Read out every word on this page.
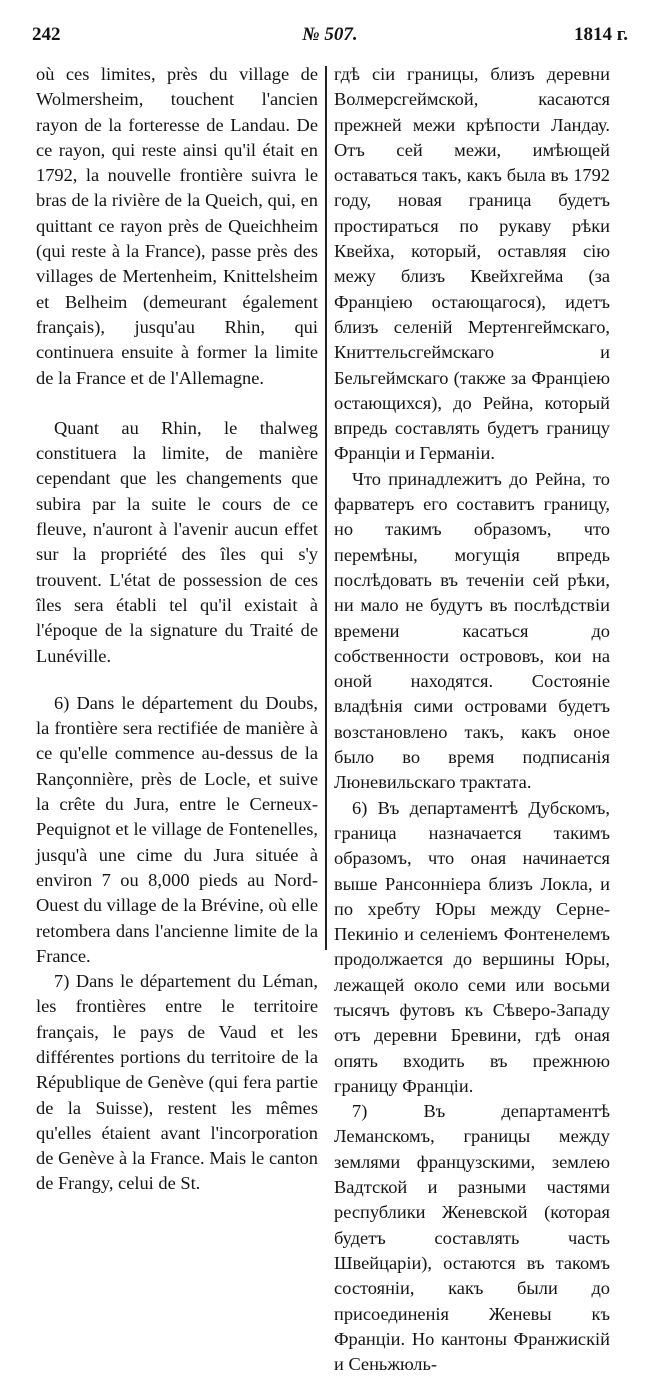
242	№ 507.	1814 г.

où ces limites, près du village de Wolmersheim, touchent l'ancien rayon de la forteresse de Landau. De ce rayon, qui reste ainsi qu'il était en 1792, la nouvelle frontière suivra le bras de la rivière de la Queich, qui, en quittant ce rayon près de Queichheim (qui reste à la France), passe près des villages de Mertenheim, Knittelsheim et Belheim (demeurant également français), jusqu'au Rhin, qui continuera ensuite à former la limite de la France et de l'Allemagne.

Quant au Rhin, le thalweg constituera la limite, de manière cependant que les changements que subira par la suite le cours de ce fleuve, n'auront à l'avenir aucun effet sur la propriété des îles qui s'y trouvent. L'état de possession de ces îles sera établi tel qu'il existait à l'époque de la signature du Traité de Lunéville.

6) Dans le département du Doubs, la frontière sera rectifiée de manière à ce qu'elle commence au-dessus de la Rançonnière, près de Locle, et suive la crête du Jura, entre le Cerneux-Pequignot et le village de Fontenelles, jusqu'à une cime du Jura située à environ 7 ou 8,000 pieds au Nord-Ouest du village de la Brévine, où elle retombera dans l'ancienne limite de la France.

7) Dans le département du Léman, les frontières entre le territoire français, le pays de Vaud et les différentes portions du territoire de la République de Genève (qui fera partie de la Suisse), restent les mêmes qu'elles étaient avant l'incorporation de Genève à la France. Mais le canton de Frangy, celui de St.

гдѣ сіи границы, близъ деревни Волмерсгеймской, касаются прежней межи крѣпости Ландау. Отъ сей межи, имѣющей оставаться такъ, какъ была въ 1792 году, новая граница будетъ простираться по рукаву рѣки Квейха, который, оставляя сію межу близъ Квейхгейма (за Франціею остающагося), идетъ близъ селеній Мертенгеймскаго, Книттельсгеймскаго и Бельгеймскаго (также за Франціею остающихся), до Рейна, который впредь составлять будетъ границу Франціи и Германіи.

Что принадлежитъ до Рейна, то фарватеръ его составитъ границу, но такимъ образомъ, что перемѣны, могущія впредь послѣдовать въ теченіи сей рѣки, ни мало не будутъ въ послѣдствіи времени касаться до собственности острововъ, кои на оной находятся. Состояніе владѣнія сими островами будетъ возстановлено такъ, какъ оное было во время подписанія Люневильскаго трактата.

6) Въ департаментѣ Дубскомъ, граница назначается такимъ образомъ, что оная начинается выше Рансонніера близъ Локла, и по хребту Юры между Серне-Пекиніо и селеніемъ Фонтенелемъ продолжается до вершины Юры, лежащей около семи или восьми тысячъ футовъ къ Сѣверо-Западу отъ деревни Бревини, гдѣ оная опять входить въ прежнюю границу Франціи.

7) Въ департаментѣ Леманскомъ, границы между землями французскими, землею Вадтской и разными частями республики Женевской (которая будетъ составлять часть Швейцаріи), остаются въ такомъ состояніи, какъ были до присоединенія Женевы къ Франціи. Но кантоны Франжискій и Сеньжюль-
